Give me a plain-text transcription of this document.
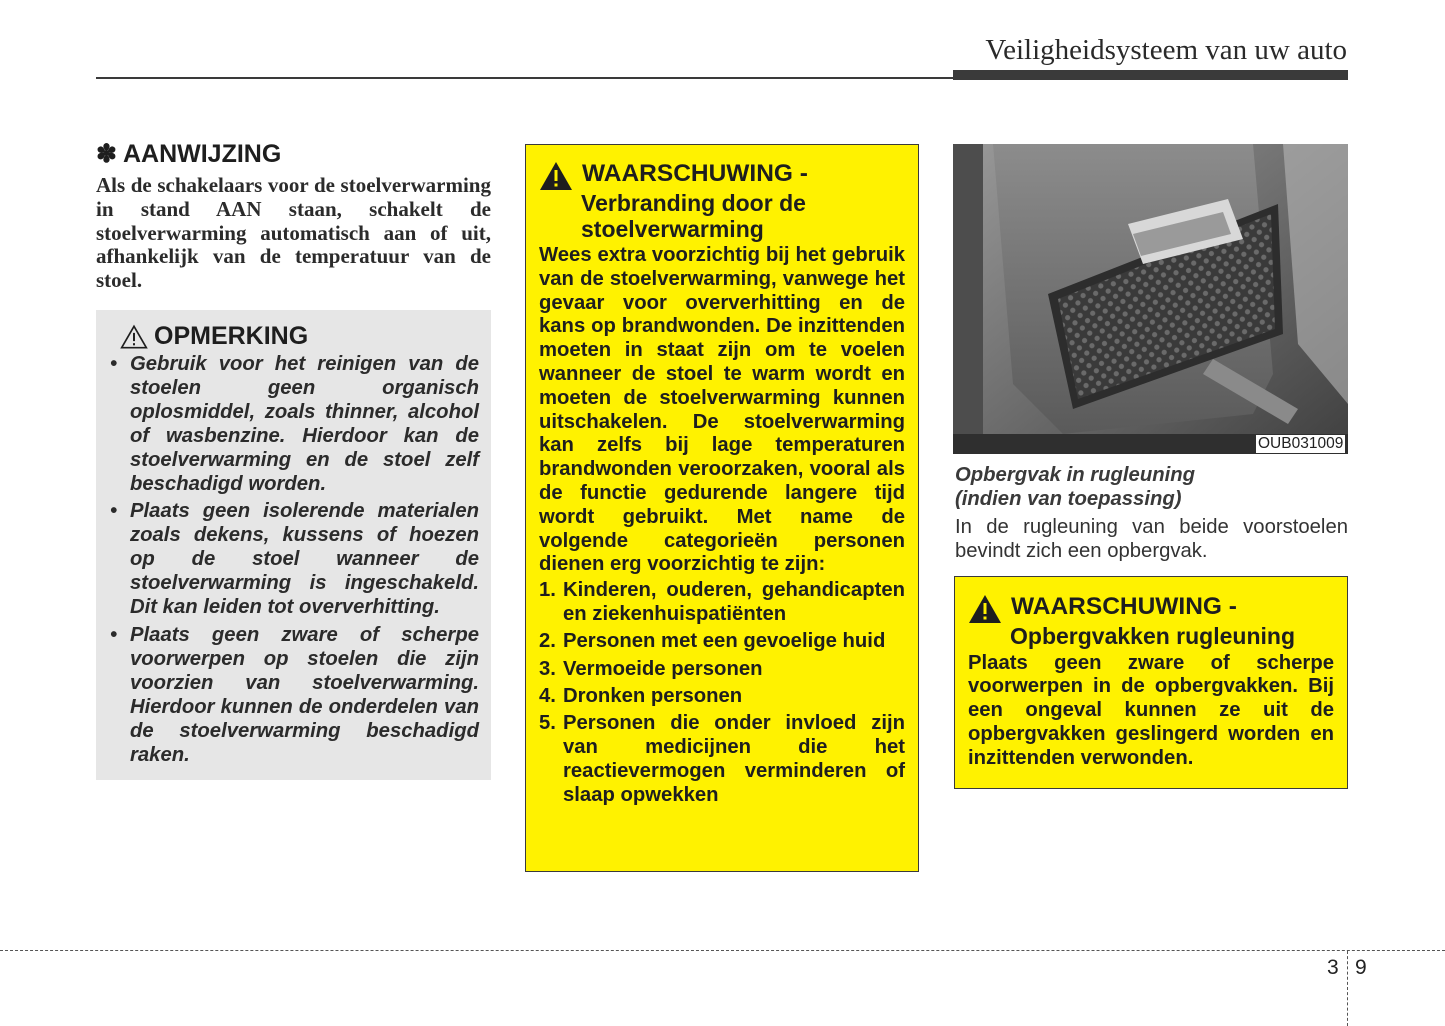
Veiligheidsysteem van uw auto
✽ AANWIJZING

Als de schakelaars voor de stoelverwarming in stand AAN staan, schakelt de stoelverwarming automatisch aan of uit, afhankelijk van de temperatuur van de stoel.

OPMERKING
• Gebruik voor het reinigen van de stoelen geen organisch oplosmiddel, zoals thinner, alcohol of wasbenzine. Hierdoor kan de stoelverwarming en de stoel zelf beschadigd worden.
• Plaats geen isolerende materialen zoals dekens, kussens of hoezen op de stoel wanneer de stoelverwarming is ingeschakeld. Dit kan leiden tot oververhitting.
• Plaats geen zware of scherpe voorwerpen op stoelen die zijn voorzien van stoelverwarming. Hierdoor kunnen de onderdelen van de stoelverwarming beschadigd raken.
WAARSCHUWING -
Verbranding door de
stoelverwarming
Wees extra voorzichtig bij het gebruik van de stoelverwarming, vanwege het gevaar voor oververhitting en de kans op brandwonden. De inzittenden moeten in staat zijn om te voelen wanneer de stoel te warm wordt en moeten de stoelverwarming kunnen uitschakelen. De stoelverwarming kan zelfs bij lage temperaturen brandwonden veroorzaken, vooral als de functie gedurende langere tijd wordt gebruikt. Met name de volgende categorieën personen dienen erg voorzichtig te zijn:
1. Kinderen, ouderen, gehandicapten en ziekenhuispatiënten
2. Personen met een gevoelige huid
3. Vermoeide personen
4. Dronken personen
5. Personen die onder invloed zijn van medicijnen die het reactievermogen verminderen of slaap opwekken
OUB031009
Opbergvak in rugleuning
(indien van toepassing)
In de rugleuning van beide voorstoelen bevindt zich een opbergvak.
WAARSCHUWING -
Opbergvakken rugleuning
Plaats geen zware of scherpe voorwerpen in de opbergvakken. Bij een ongeval kunnen ze uit de opbergvakken geslingerd worden en inzittenden verwonden.
3 9
